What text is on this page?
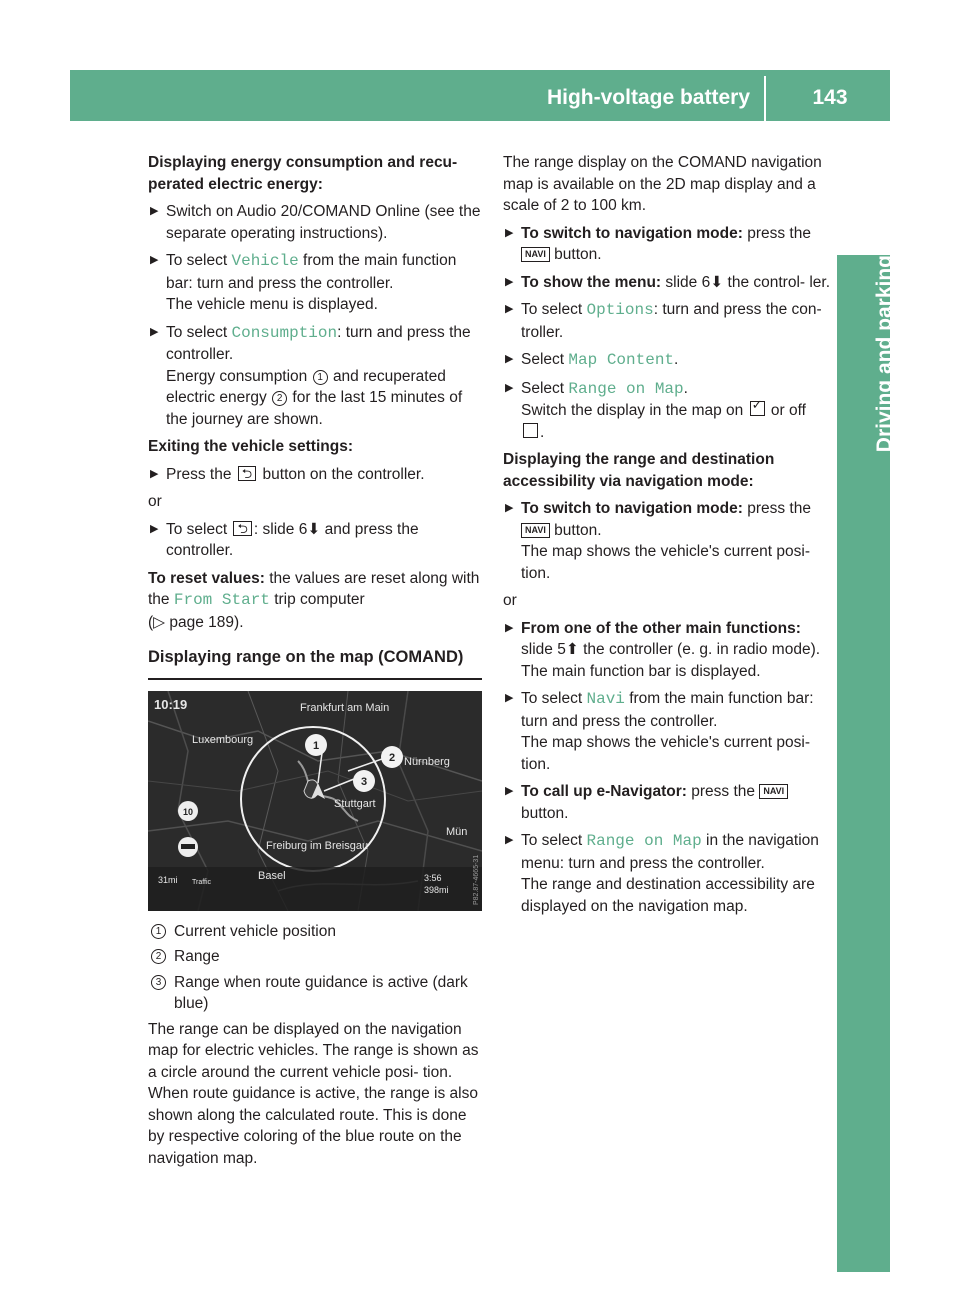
High-voltage battery	143
Driving and parking

Displaying energy consumption and recu- perated electric energy:

▶ Switch on Audio 20/COMAND Online (see the separate operating instructions).
▶ To select Vehicle from the main function bar: turn and press the controller.
The vehicle menu is displayed.
▶ To select Consumption: turn and press the controller.
Energy consumption 1 and recuperated electric energy 2 for the last 15 minutes of the journey are shown.

Exiting the vehicle settings:

▶ Press the ⮌ button on the controller.

or

▶ To select ⮌ : slide 6⬇ and press the controller.

To reset values: the values are reset along with the From Start trip computer
(▷ page 189).

Displaying range on the map (COMAND)
10:19	Frankfurt am Main
Luxembourg
Nürnberg
Stuttgart
Freiburg im Breisgau
Basel
Mün
10
1
2
3
31mi Traffic	3:56
398mi	P82.87-4665-31
1 Current vehicle position
2 Range
3 Range when route guidance is active (dark blue)

The range can be displayed on the navigation map for electric vehicles. The range is shown as a circle around the current vehicle posi- tion. When route guidance is active, the range is also shown along the calculated route. This is done by respective coloring of the blue route on the navigation map.

The range display on the COMAND navigation map is available on the 2D map display and a scale of 2 to 100 km.

▶ To switch to navigation mode: press the
NAVI button.
▶ To show the menu: slide 6⬇ the control- ler.
▶ To select Options: turn and press the con- troller.
▶ Select Map Content.
▶ Select Range on Map.
Switch the display in the map on ✓ or off
.

Displaying the range and destination accessibility via navigation mode:

▶ To switch to navigation mode: press the
NAVI button.
The map shows the vehicle's current posi- tion.

or

▶ From one of the other main functions:
slide 5⬆ the controller (e. g. in radio mode).
The main function bar is displayed.
▶ To select Navi from the main function bar: turn and press the controller.
The map shows the vehicle's current posi- tion.
▶ To call up e-Navigator: press the NAVI
button.
▶ To select Range on Map in the navigation menu: turn and press the controller.
The range and destination accessibility are displayed on the navigation map.
